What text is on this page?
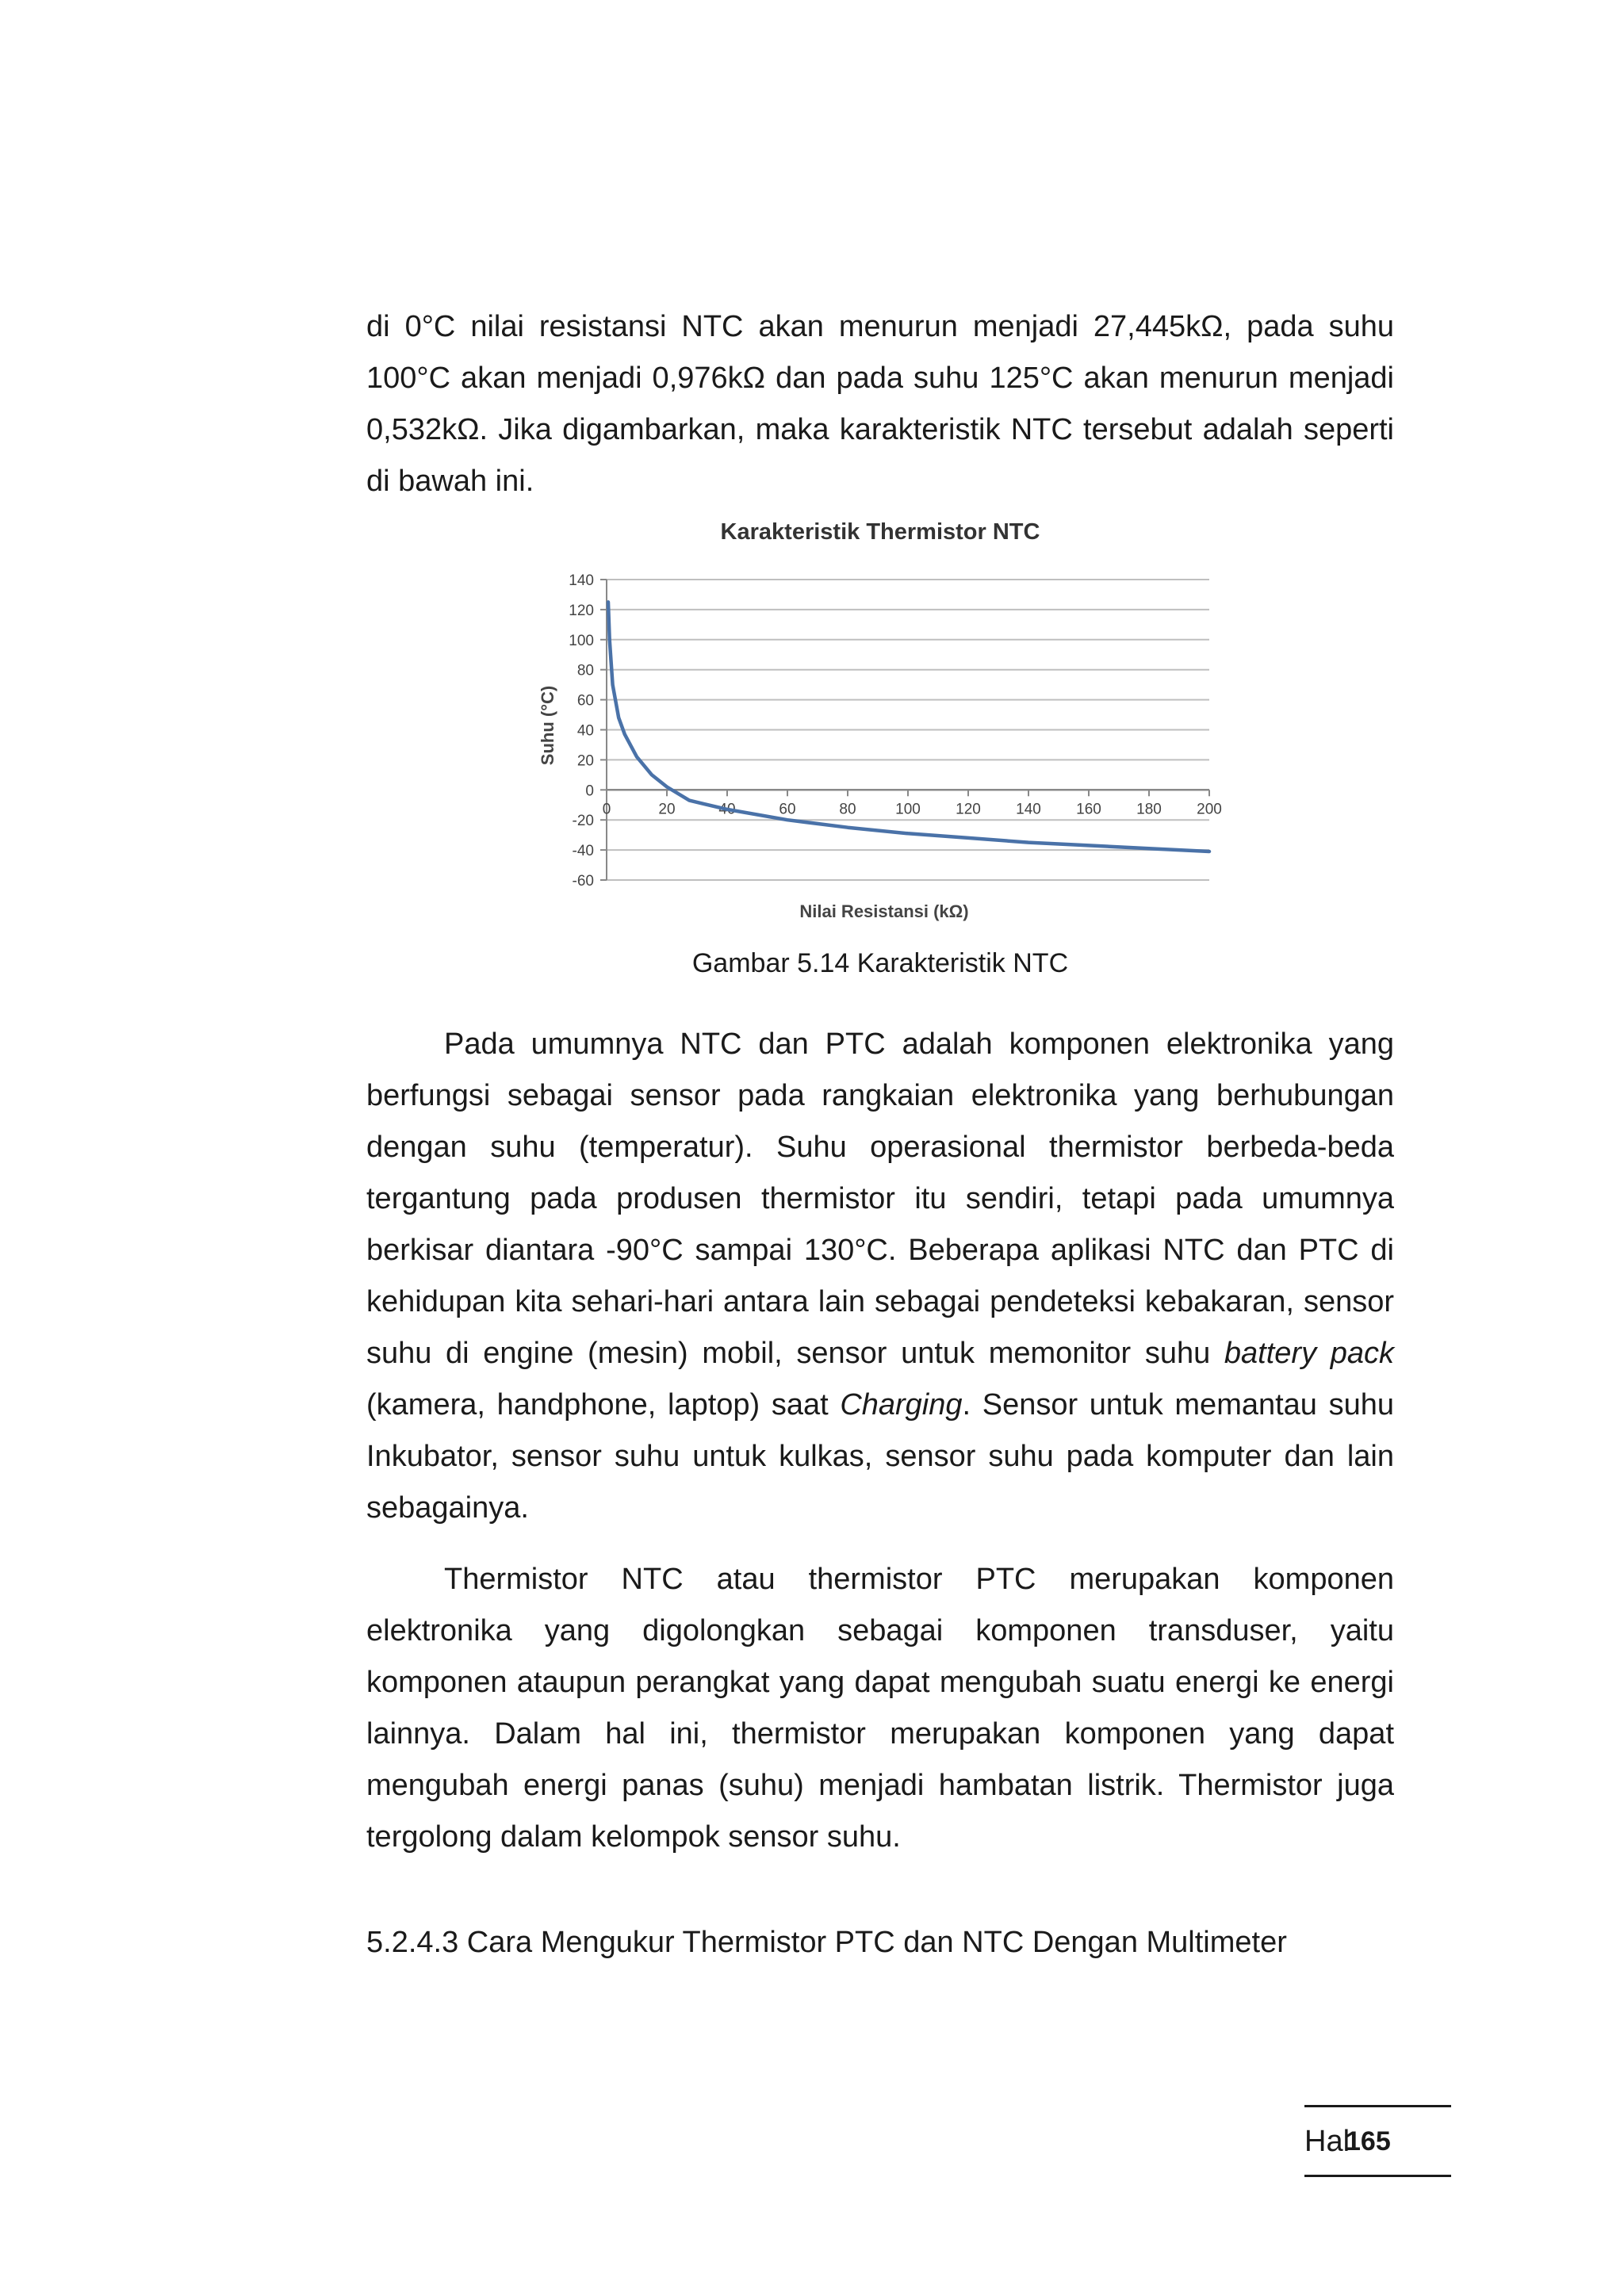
di 0°C nilai resistansi NTC akan menurun menjadi 27,445kΩ, pada suhu 100°C akan menjadi 0,976kΩ dan pada suhu 125°C akan menurun menjadi 0,532kΩ. Jika digambarkan, maka karakteristik NTC tersebut adalah seperti di bawah ini.

Karakteristik Thermistor NTC
140
120
100
80
60
40
20
0
-20
-40
-60
0	20	40	60	80	100 120 140 160 180 200
Nilai Resistansi (kΩ)
Suhu (°C)
Gambar 5.14 Karakteristik NTC

Pada umumnya NTC dan PTC adalah komponen elektronika yang berfungsi sebagai sensor pada rangkaian elektronika yang berhubungan dengan suhu (temperatur). Suhu operasional thermistor berbeda-beda tergantung pada produsen thermistor itu sendiri, tetapi pada umumnya berkisar diantara -90°C sampai 130°C. Beberapa aplikasi NTC dan PTC di kehidupan kita sehari-hari antara lain sebagai pendeteksi kebakaran, sensor suhu di engine (mesin) mobil, sensor untuk memonitor suhu battery pack (kamera, handphone, laptop) saat Charging. Sensor untuk memantau suhu Inkubator, sensor suhu untuk kulkas, sensor suhu pada komputer dan lain sebagainya.

Thermistor NTC atau thermistor PTC merupakan komponen elektronika yang digolongkan sebagai komponen transduser, yaitu komponen ataupun perangkat yang dapat mengubah suatu energi ke energi lainnya. Dalam hal ini, thermistor merupakan komponen yang dapat mengubah energi panas (suhu) menjadi hambatan listrik. Thermistor juga tergolong dalam kelompok sensor suhu.

5.2.4.3 Cara Mengukur Thermistor PTC dan NTC Dengan Multimeter
Hal
165
